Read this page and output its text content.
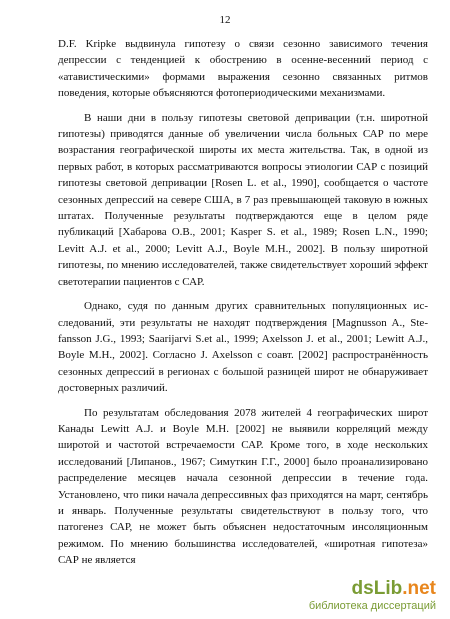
12

D.F. Kripke выдвинула гипотезу о связи сезонно зависимого течения депрессии с тенденцией к обострению в осенне-весенний период с «атавистическими» формами выражения сезонно связанных ритмов поведения, которые объясняются фотопериодическими механизмами.

В наши дни в пользу гипотезы световой депривации (т.н. широтной гипотезы) приводятся данные об увеличении числа больных САР по мере возрастания географической широты их места жительства. Так, в одной из первых работ, в которых рассматриваются вопросы этиологии САР с позиций гипотезы световой депривации [Rosen L. et al., 1990], сообщается о частоте сезонных депрессий на севере США, в 7 раз превышающей таковую в южных штатах. Полученные результаты подтверждаются еще в целом ряде публикаций [Хабарова О.В., 2001; Kasper S. et al., 1989; Rosen L.N., 1990; Levitt A.J. et al., 2000; Levitt A.J., Boyle M.H., 2002]. В пользу широтной гипотезы, по мнению исследователей, также свидетельствует хороший эффект светотерапии пациентов с САР.

Однако, судя по данным других сравнительных популяционных исследований, эти результаты не находят подтверждения [Magnusson A., Stefansson J.G., 1993; Saarijarvi S.et al., 1999; Axelsson J. et al., 2001; Lewitt A.J., Boyle M.H., 2002]. Согласно J. Axelsson с соавт. [2002] распространённость сезонных депрессий в регионах с большой разницей широт не обнаруживает достоверных различий.

По результатам обследования 2078 жителей 4 географических широт Канады Lewitt A.J. и Boyle M.H. [2002] не выявили корреляций между широтой и частотой встречаемости САР. Кроме того, в ходе нескольких исследований [Липанов., 1967; Симуткин Г.Г., 2000] было проанализировано распределение месяцев начала сезонной депрессии в течение года. Установлено, что пики начала депрессивных фаз приходятся на март, сентябрь и январь. Полученные результаты свидетельствуют в пользу того, что патогенез САР, не может быть объяснен недостаточным инсоляционным режимом. По мнению большинства исследователей, «широтная гипотеза» САР не является

dsLib.net
библиотека диссертаций
